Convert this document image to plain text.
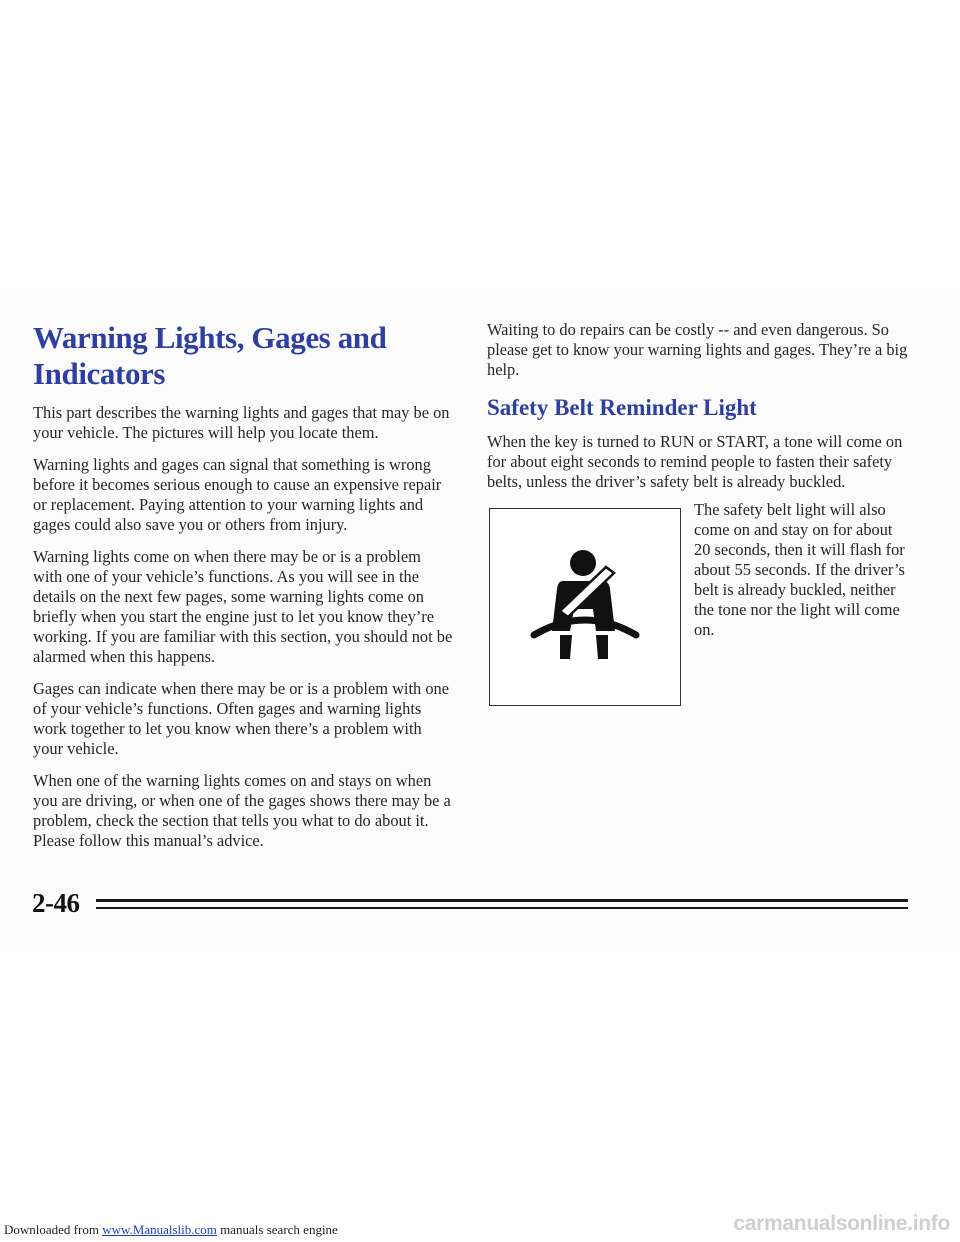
Warning Lights, Gages and Indicators

This part describes the warning lights and gages that may be on your vehicle. The pictures will help you locate them.

Warning lights and gages can signal that something is wrong before it becomes serious enough to cause an expensive repair or replacement. Paying attention to your warning lights and gages could also save you or others from injury.

Warning lights come on when there may be or is a problem with one of your vehicle’s functions. As you will see in the details on the next few pages, some warning lights come on briefly when you start the engine just to let you know they’re working. If you are familiar with this section, you should not be alarmed when this happens.

Gages can indicate when there may be or is a problem with one of your vehicle’s functions. Often gages and warning lights work together to let you know when there’s a problem with your vehicle.

When one of the warning lights comes on and stays on when you are driving, or when one of the gages shows there may be a problem, check the section that tells you what to do about it. Please follow this manual’s advice.

Waiting to do repairs can be costly -- and even dangerous. So please get to know your warning lights and gages. They’re a big help.

Safety Belt Reminder Light

When the key is turned to RUN or START, a tone will come on for about eight seconds to remind people to fasten their safety belts, unless the driver’s safety belt is already buckled.

The safety belt light will also come on and stay on for about 20 seconds, then it will flash for about 55 seconds. If the driver’s belt is already buckled, neither the tone nor the light will come on.

2-46
Downloaded from www.Manualslib.com manuals search engine	carmanualsonline.info
